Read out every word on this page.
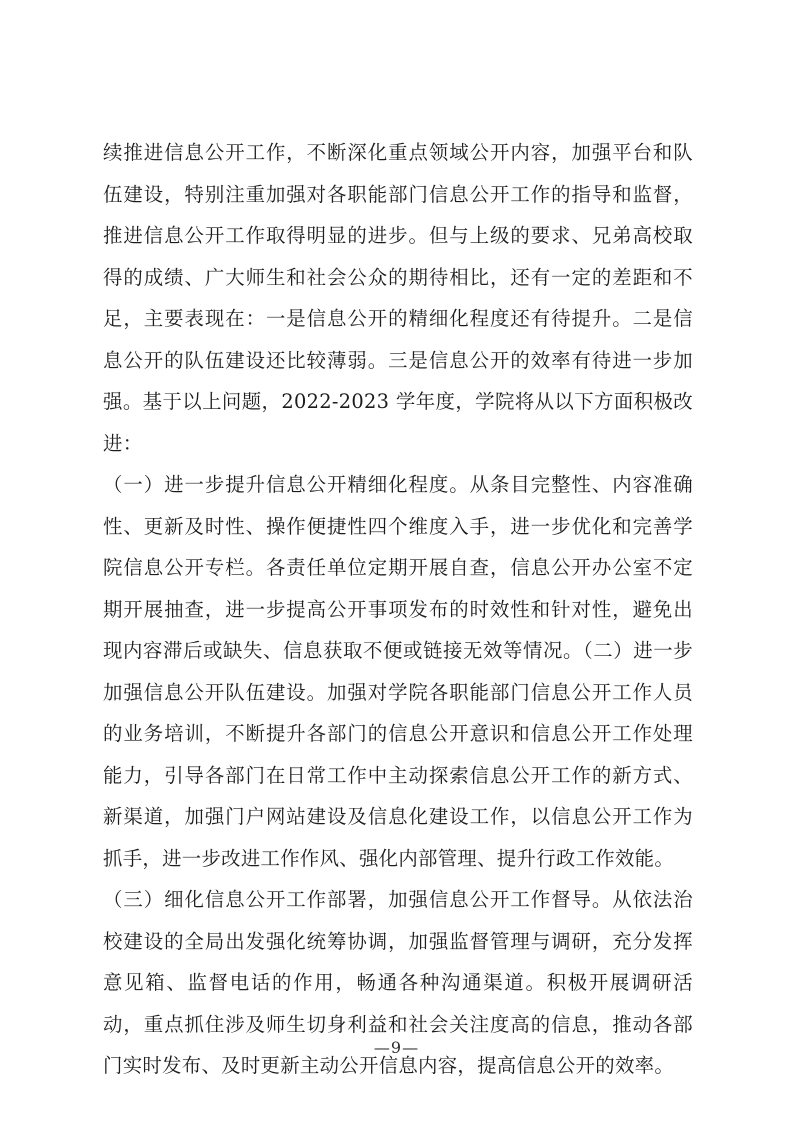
续推进信息公开工作，不断深化重点领域公开内容，加强平台和队伍建设，特别注重加强对各职能部门信息公开工作的指导和监督，推进信息公开工作取得明显的进步。但与上级的要求、兄弟高校取得的成绩、广大师生和社会公众的期待相比，还有一定的差距和不足，主要表现在：一是信息公开的精细化程度还有待提升。二是信息公开的队伍建设还比较薄弱。三是信息公开的效率有待进一步加强。基于以上问题，2022-2023 学年度，学院将从以下方面积极改进：

（一）进一步提升信息公开精细化程度。从条目完整性、内容准确性、更新及时性、操作便捷性四个维度入手，进一步优化和完善学院信息公开专栏。各责任单位定期开展自查，信息公开办公室不定期开展抽查，进一步提高公开事项发布的时效性和针对性，避免出现内容滞后或缺失、信息获取不便或链接无效等情况。（二）进一步加强信息公开队伍建设。加强对学院各职能部门信息公开工作人员的业务培训，不断提升各部门的信息公开意识和信息公开工作处理能力，引导各部门在日常工作中主动探索信息公开工作的新方式、新渠道，加强门户网站建设及信息化建设工作，以信息公开工作为抓手，进一步改进工作作风、强化内部管理、提升行政工作效能。

（三）细化信息公开工作部署，加强信息公开工作督导。从依法治校建设的全局出发强化统筹协调，加强监督管理与调研，充分发挥意见箱、监督电话的作用，畅通各种沟通渠道。积极开展调研活动，重点抓住涉及师生切身利益和社会关注度高的信息，推动各部门实时发布、及时更新主动公开信息内容，提高信息公开的效率。

—9—
